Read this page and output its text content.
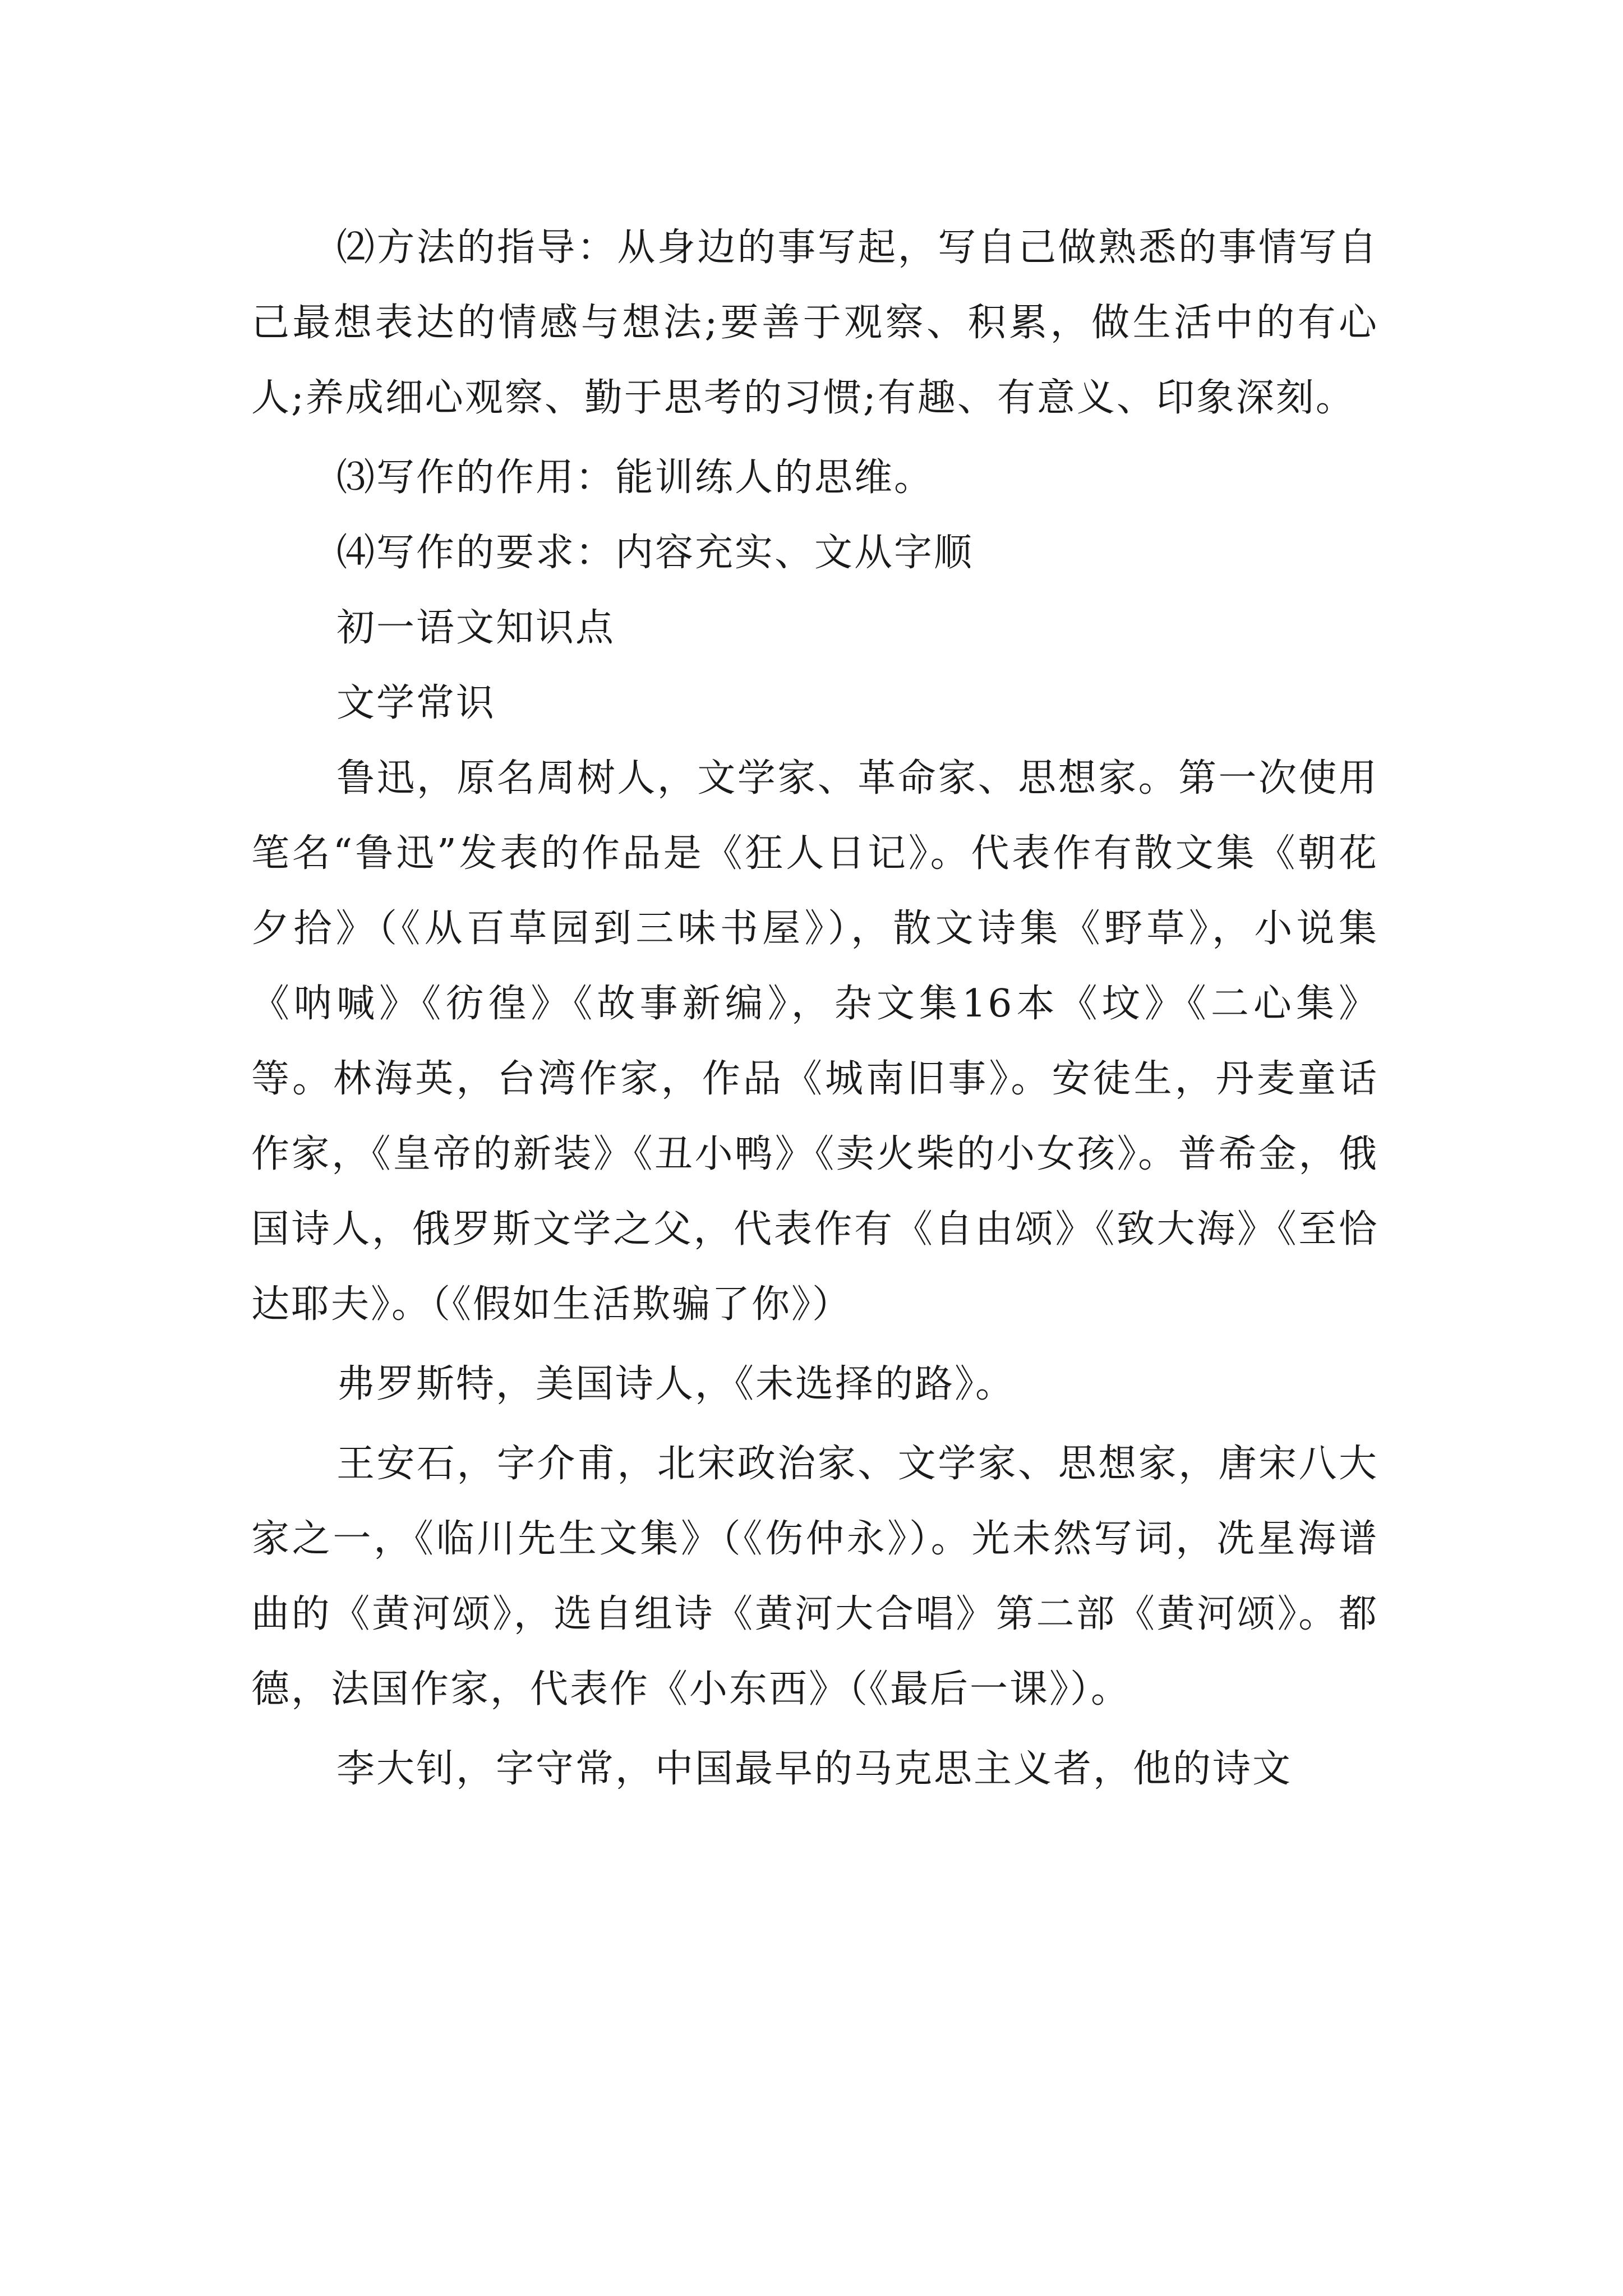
⑵方法的指导：从身边的事写起，写自己做熟悉的事情写自己最想表达的情感与想法;要善于观察、积累，做生活中的有心人;养成细心观察、勤于思考的习惯;有趣、有意义、印象深刻。

⑶写作的作用：能训练人的思维。

⑷写作的要求：内容充实、文从字顺

初一语文知识点

文学常识

鲁迅，原名周树人，文学家、革命家、思想家。第一次使用笔名“鲁迅”发表的作品是《狂人日记》。代表作有散文集《朝花夕拾》（《从百草园到三味书屋》），散文诗集《野草》，小说集《呐喊》《彷徨》《故事新编》，杂文集16本《坟》《二心集》等。林海英，台湾作家，作品《城南旧事》。安徒生，丹麦童话作家，《皇帝的新装》《丑小鸭》《卖火柴的小女孩》。普希金，俄 国诗人，俄罗斯文学之父，代表作有《自由颂》《致大海》《至恰达耶夫》。（《假如生活欺骗了你》）

弗罗斯特，美国诗人，《未选择的路》。

王安石，字介甫，北宋政治家、文学家、思想家，唐宋八大家之一，《临川先生文集》（《伤仲永》）。光未然写词，冼星海谱曲的《黄河颂》，选自组诗《黄河大合唱》第二部《黄河颂》。都德，法国作家，代表作《小东西》（《最后一课》）。

李大钊，字守常，中国最早的马克思主义者，他的诗文
